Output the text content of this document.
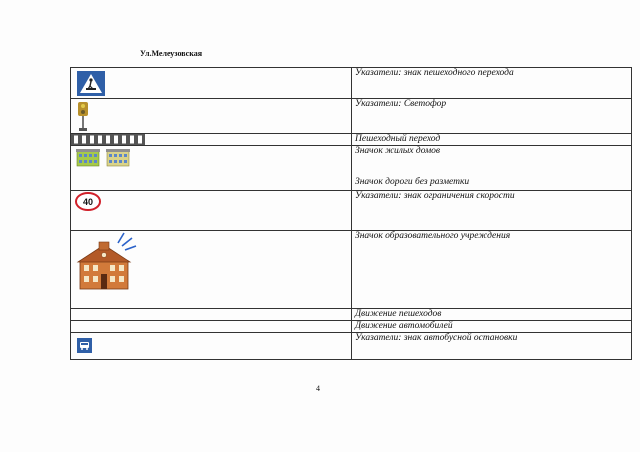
Ул.Мелеузовская
	Указатели: знак пешеходного перехода

	Указатели: Светофор

	Пешеходный переход

	Значок жилых домов
Значок дороги без разметки

40	Указатели: знак ограничения скорости

	Значок образовательного учреждения
	Движение пешеходов
	Движение автомобилей

	Указатели: знак автобусной остановки
4
